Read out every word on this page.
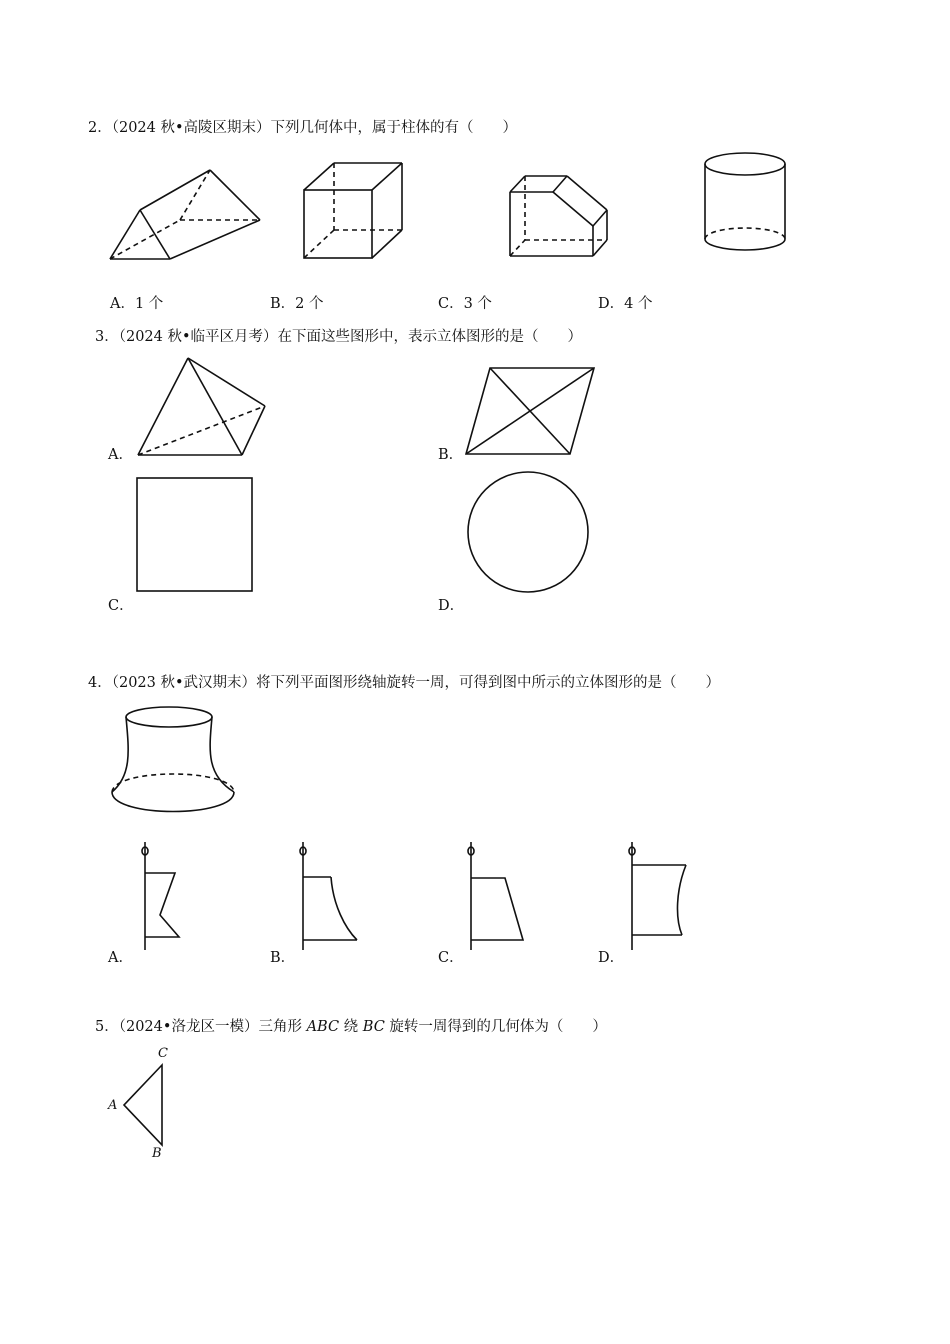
2．（2024 秋•高陵区期末）下列几何体中，属于柱体的有（　　）
A．1 个	B．2 个	C．3 个	D．4 个
3．（2024 秋•临平区月考）在下面这些图形中，表示立体图形的是（　　）
A．	B．
C．	D．
4．（2023 秋•武汉期末）将下列平面图形绕轴旋转一周，可得到图中所示的立体图形的是（　　）
A．	B．	C．	D．
5．（2024•洛龙区一模）三角形 ABC 绕 BC 旋转一周得到的几何体为（　　）
C
A
B
